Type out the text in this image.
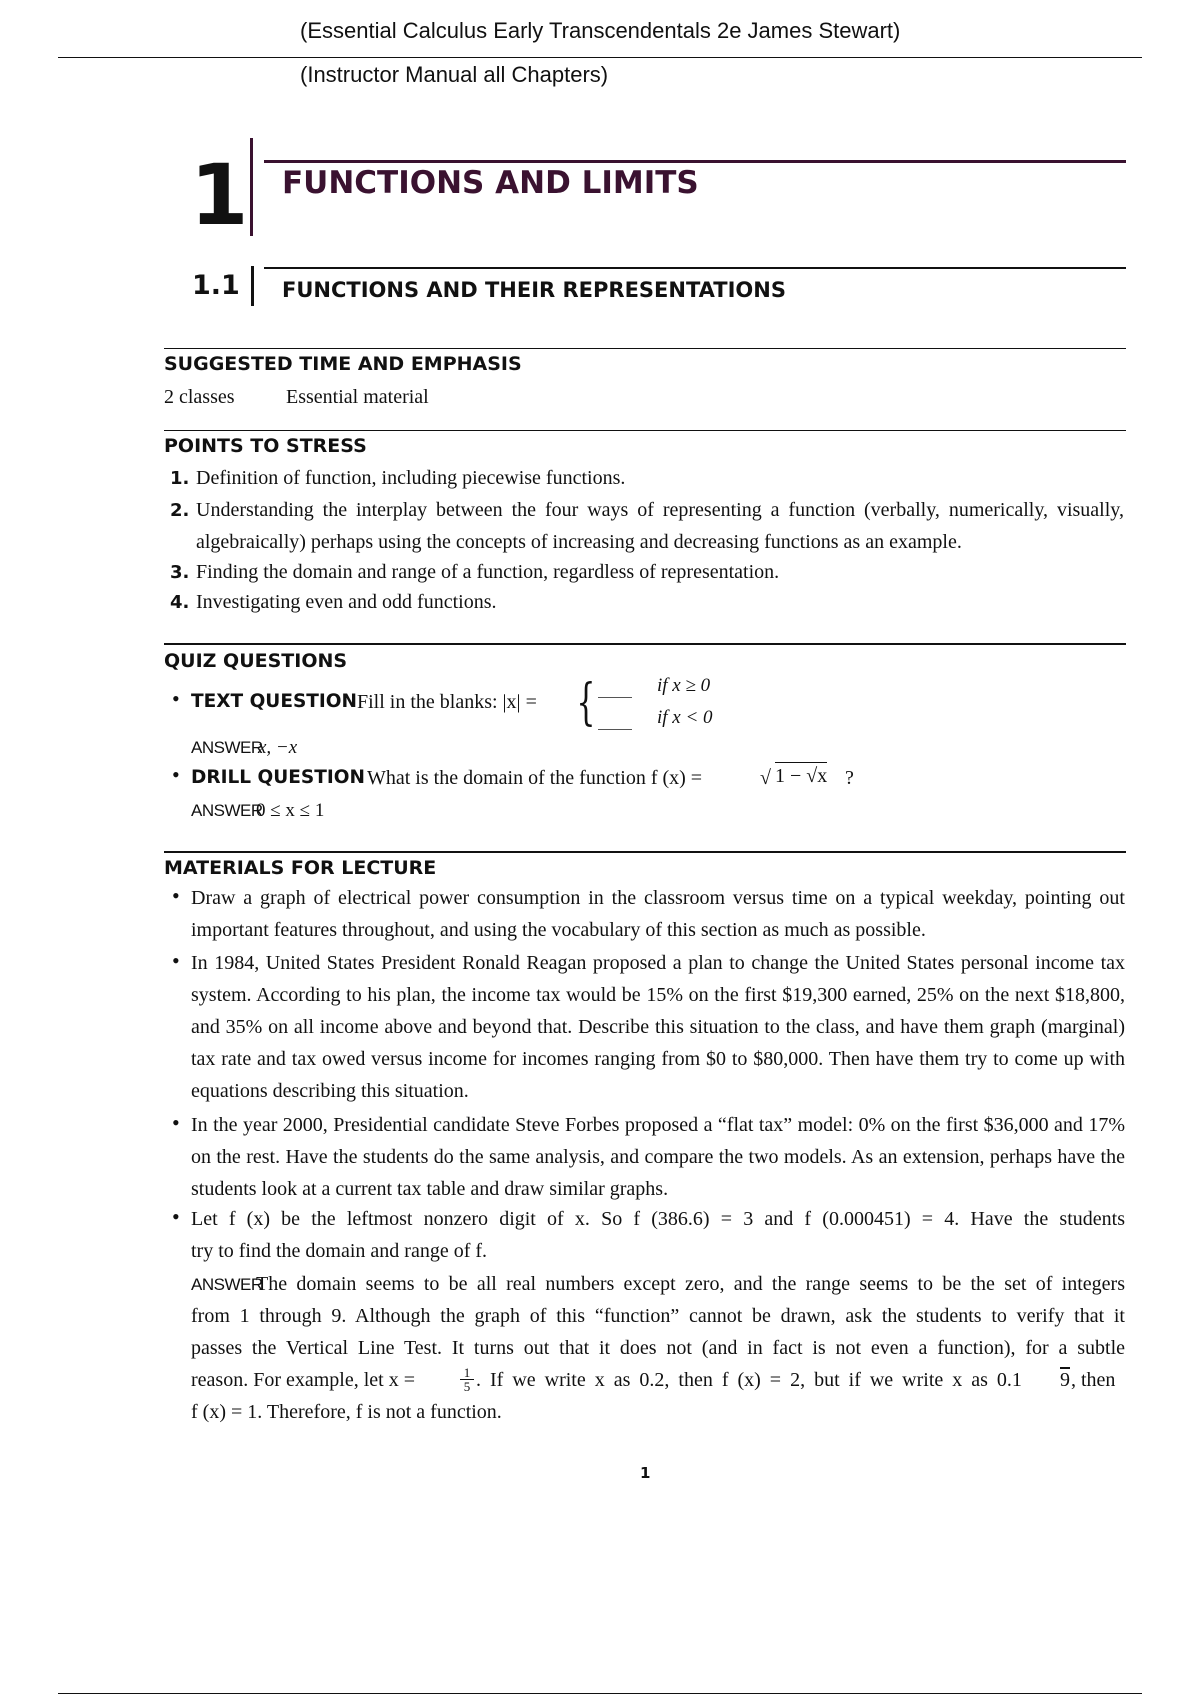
(Essential Calculus Early Transcendentals 2e James Stewart)
(Instructor Manual all Chapters)
1 FUNCTIONS AND LIMITS
1.1 FUNCTIONS AND THEIR REPRESENTATIONS
SUGGESTED TIME AND EMPHASIS
2 classes	Essential material
POINTS TO STRESS
1. Definition of function, including piecewise functions.
2. Understanding the interplay between the four ways of representing a function (verbally, numerically, visually, algebraically) perhaps using the concepts of increasing and decreasing functions as an example.
3. Finding the domain and range of a function, regardless of representation.
4. Investigating even and odd functions.
QUIZ QUESTIONS
• TEXT QUESTION Fill in the blanks: |x| = {	if x ≥ 0
if x < 0
ANSWER
x, −x
• DRILL QUESTION What is the domain of the function f (x) =	√ 1 − √x ?
ANSWER
0 ≤ x ≤ 1
MATERIALS FOR LECTURE
• Draw a graph of electrical power consumption in the classroom versus time on a typical weekday, pointing out important features throughout, and using the vocabulary of this section as much as possible.
• In 1984, United States President Ronald Reagan proposed a plan to change the United States personal income tax system. According to his plan, the income tax would be 15% on the first $19,300 earned, 25% on the next $18,800, and 35% on all income above and beyond that. Describe this situation to the class, and have them graph (marginal) tax rate and tax owed versus income for incomes ranging from $0 to $80,000. Then have them try to come up with equations describing this situation.
• In the year 2000, Presidential candidate Steve Forbes proposed a “flat tax” model: 0% on the first $36,000 and 17% on the rest. Have the students do the same analysis, and compare the two models. As an extension, perhaps have the students look at a current tax table and draw similar graphs.
• Let f (x) be the leftmost nonzero digit of x. So f (386.6) = 3 and f (0.000451) = 4. Have the students
try to find the domain and range of f.
ANSWER
The domain seems to be all real numbers except zero, and the range seems to be the set of integers
from 1 through 9. Although the graph of this “function” cannot be drawn, ask the students to verify that it
passes the Vertical Line Test. It turns out that it does not (and in fact is not even a function), for a subtle
reason. For example, let x =	$\frac{1}{5}$ . If we write x as 0.2, then f (x) = 2, but if we write x as 0.1 9 , then
f (x) = 1. Therefore, f is not a function.
1
